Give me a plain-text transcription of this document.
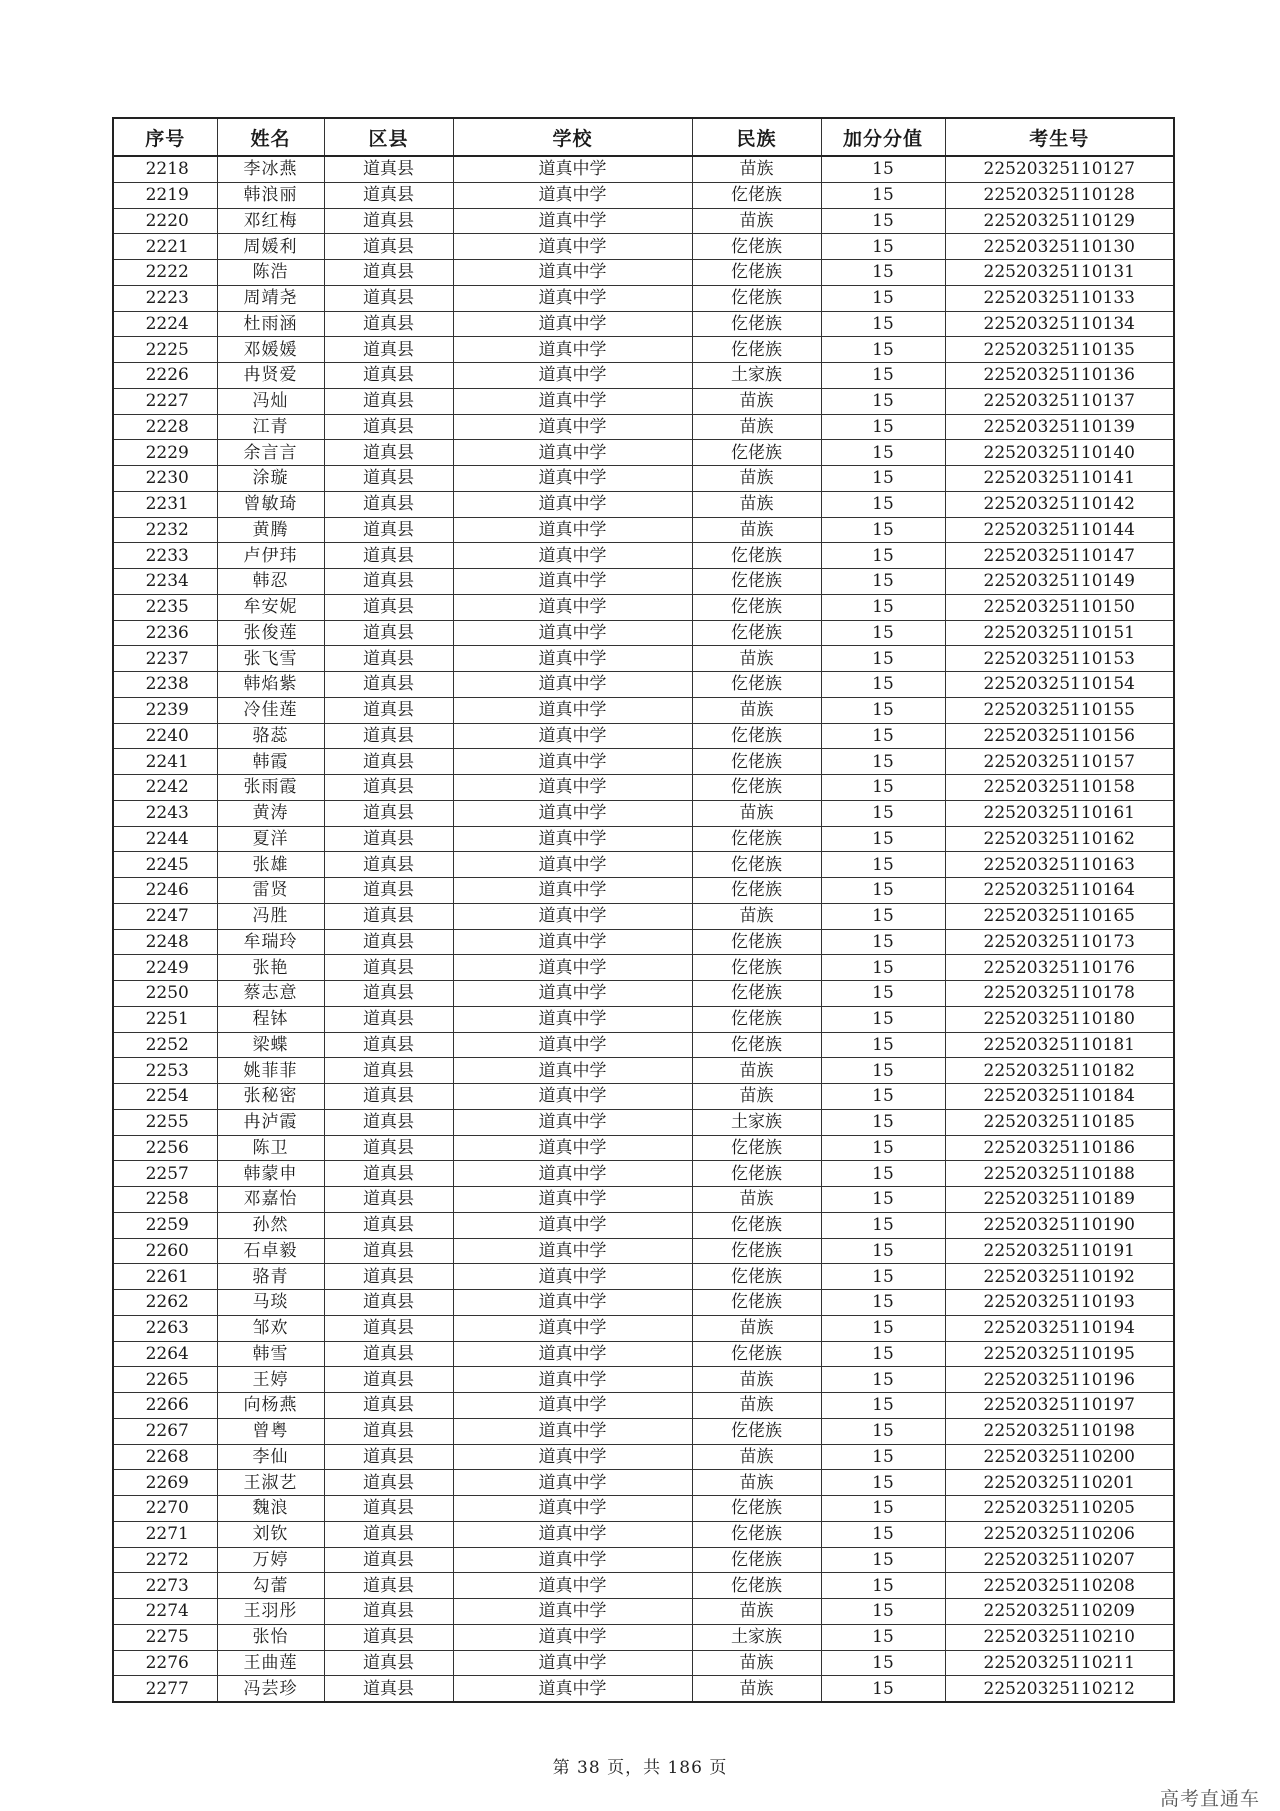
序号	姓名	区县	学校	民族	加分分值	考生号
2218	李冰燕	道真县	道真中学	苗族	15	22520325110127
2219	韩浪丽	道真县	道真中学	仡佬族	15	22520325110128
2220	邓红梅	道真县	道真中学	苗族	15	22520325110129
2221	周媛利	道真县	道真中学	仡佬族	15	22520325110130
2222	陈浩	道真县	道真中学	仡佬族	15	22520325110131
2223	周靖尧	道真县	道真中学	仡佬族	15	22520325110133
2224	杜雨涵	道真县	道真中学	仡佬族	15	22520325110134
2225	邓媛媛	道真县	道真中学	仡佬族	15	22520325110135
2226	冉贤爱	道真县	道真中学	土家族	15	22520325110136
2227	冯灿	道真县	道真中学	苗族	15	22520325110137
2228	江青	道真县	道真中学	苗族	15	22520325110139
2229	余言言	道真县	道真中学	仡佬族	15	22520325110140
2230	涂璇	道真县	道真中学	苗族	15	22520325110141
2231	曾敏琦	道真县	道真中学	苗族	15	22520325110142
2232	黄腾	道真县	道真中学	苗族	15	22520325110144
2233	卢伊玮	道真县	道真中学	仡佬族	15	22520325110147
2234	韩忍	道真县	道真中学	仡佬族	15	22520325110149
2235	牟安妮	道真县	道真中学	仡佬族	15	22520325110150
2236	张俊莲	道真县	道真中学	仡佬族	15	22520325110151
2237	张飞雪	道真县	道真中学	苗族	15	22520325110153
2238	韩焰紫	道真县	道真中学	仡佬族	15	22520325110154
2239	冷佳莲	道真县	道真中学	苗族	15	22520325110155
2240	骆蕊	道真县	道真中学	仡佬族	15	22520325110156
2241	韩霞	道真县	道真中学	仡佬族	15	22520325110157
2242	张雨霞	道真县	道真中学	仡佬族	15	22520325110158
2243	黄涛	道真县	道真中学	苗族	15	22520325110161
2244	夏洋	道真县	道真中学	仡佬族	15	22520325110162
2245	张雄	道真县	道真中学	仡佬族	15	22520325110163
2246	雷贤	道真县	道真中学	仡佬族	15	22520325110164
2247	冯胜	道真县	道真中学	苗族	15	22520325110165
2248	牟瑞玲	道真县	道真中学	仡佬族	15	22520325110173
2249	张艳	道真县	道真中学	仡佬族	15	22520325110176
2250	蔡志意	道真县	道真中学	仡佬族	15	22520325110178
2251	程钵	道真县	道真中学	仡佬族	15	22520325110180
2252	梁蝶	道真县	道真中学	仡佬族	15	22520325110181
2253	姚菲菲	道真县	道真中学	苗族	15	22520325110182
2254	张秘密	道真县	道真中学	苗族	15	22520325110184
2255	冉泸霞	道真县	道真中学	土家族	15	22520325110185
2256	陈卫	道真县	道真中学	仡佬族	15	22520325110186
2257	韩蒙申	道真县	道真中学	仡佬族	15	22520325110188
2258	邓嘉怡	道真县	道真中学	苗族	15	22520325110189
2259	孙然	道真县	道真中学	仡佬族	15	22520325110190
2260	石卓毅	道真县	道真中学	仡佬族	15	22520325110191
2261	骆青	道真县	道真中学	仡佬族	15	22520325110192
2262	马琰	道真县	道真中学	仡佬族	15	22520325110193
2263	邹欢	道真县	道真中学	苗族	15	22520325110194
2264	韩雪	道真县	道真中学	仡佬族	15	22520325110195
2265	王婷	道真县	道真中学	苗族	15	22520325110196
2266	向杨燕	道真县	道真中学	苗族	15	22520325110197
2267	曾粤	道真县	道真中学	仡佬族	15	22520325110198
2268	李仙	道真县	道真中学	苗族	15	22520325110200
2269	王淑艺	道真县	道真中学	苗族	15	22520325110201
2270	魏浪	道真县	道真中学	仡佬族	15	22520325110205
2271	刘钦	道真县	道真中学	仡佬族	15	22520325110206
2272	万婷	道真县	道真中学	仡佬族	15	22520325110207
2273	勾蕾	道真县	道真中学	仡佬族	15	22520325110208
2274	王羽彤	道真县	道真中学	苗族	15	22520325110209
2275	张怡	道真县	道真中学	土家族	15	22520325110210
2276	王曲莲	道真县	道真中学	苗族	15	22520325110211
2277	冯芸珍	道真县	道真中学	苗族	15	22520325110212
第 38 页，共 186 页
高考直通车
